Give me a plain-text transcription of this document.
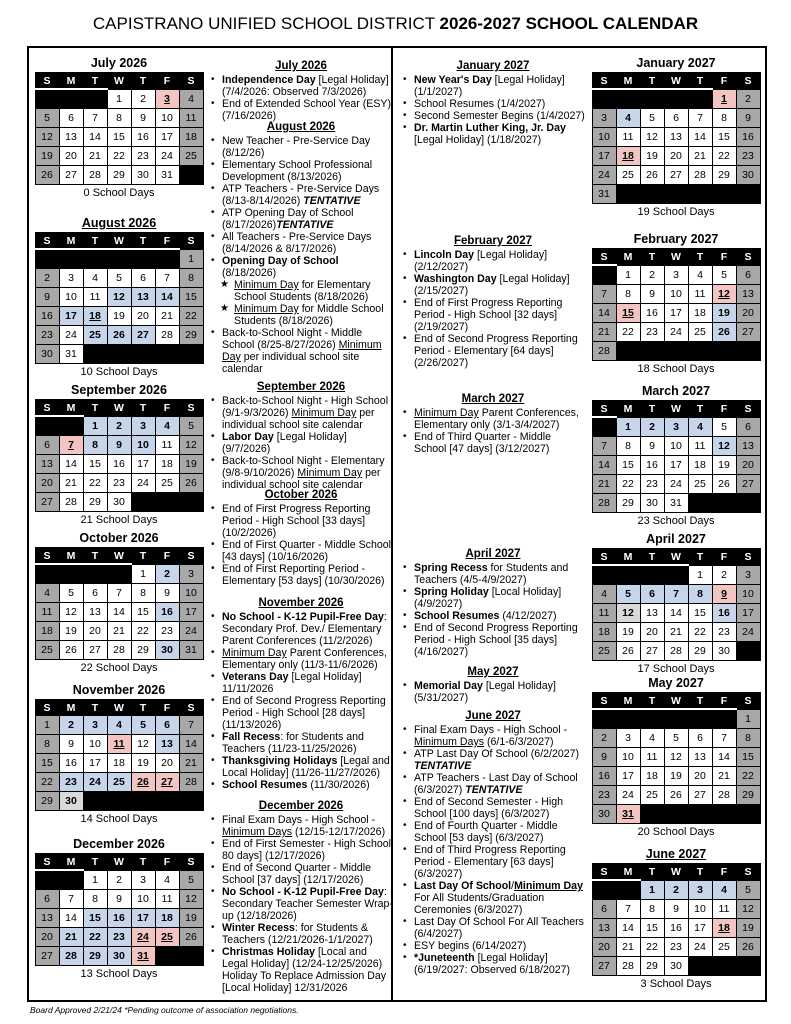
CAPISTRANO UNIFIED SCHOOL DISTRICT 2026-2027 SCHOOL CALENDAR
July 2026
• Independence Day [Legal Holiday] (7/4/2026: Observed 7/3/2026)
• End of Extended School Year (ESY) (7/16/2026)
August 2026
• New Teacher - Pre-Service Day (8/12/26)
• Elementary School Professional Development (8/13/2026)
• ATP Teachers - Pre-Service Days (8/13-8/14/2026) TENTATIVE
• ATP Opening Day of School (8/17/2026)TENTATIVE
• All Teachers - Pre-Service Days (8/14/2026 & 8/17/2026)
• Opening Day of School (8/18/2026)
★ Minimum Day for Elementary School Students (8/18/2026)
★ Minimum Day for Middle School Students (8/18/2026)
• Back-to-School Night - Middle School (8/25-8/27/2026) Minimum Day per individual school site calendar
September 2026
• Back-to-School Night - High School (9/1-9/3/2026) Minimum Day per individual school site calendar
• Labor Day [Legal Holiday] (9/7/2026)
• Back-to-School Night - Elementary (9/8-9/10/2026) Minimum Day per individual school site calendar
October 2026
• End of First Progress Reporting Period - High School [33 days] (10/2/2026)
• End of First Quarter - Middle School [43 days] (10/16/2026)
• End of First Reporting Period - Elementary [53 days] (10/30/2026)
November 2026
• No School - K-12 Pupil-Free Day: Secondary Prof. Dev./ Elementary Parent Conferences (11/2/2026)
• Minimum Day Parent Conferences, Elementary only (11/3-11/6/2026)
• Veterans Day [Legal Holiday] 11/11/2026
• End of Second Progress Reporting Period - High School [28 days] (11/13/2026)
• Fall Recess: for Students and Teachers (11/23-11/25/2026)
• Thanksgiving Holidays [Legal and Local Holiday] (11/26-11/27/2026)
• School Resumes (11/30/2026)
December 2026
• Final Exam Days - High School - Minimum Days (12/15-12/17/2026)
• End of First Semester - High School 80 days] (12/17/2026)
• End of Second Quarter - Middle School [37 days] (12/17/2026)
• No School - K-12 Pupil-Free Day: Secondary Teacher Semester Wrap-up (12/18/2026)
• Winter Recess: for Students & Teachers (12/21/2026-1/1/2027)
• Christmas Holiday [Local and Legal Holiday] (12/24-12/25/2026) Holiday To Replace Admission Day [Local Holiday] 12/31/2026
January 2027
• New Year's Day [Legal Holiday] (1/1/2027)
• School Resumes (1/4/2027)
• Second Semester Begins (1/4/2027)
• Dr. Martin Luther King, Jr. Day [Legal Holiday] (1/18/2027)
February 2027
• Lincoln Day [Legal Holiday] (2/12/2027)
• Washington Day [Legal Holiday] (2/15/2027)
• End of First Progress Reporting Period - High School [32 days] (2/19/2027)
• End of Second Progress Reporting Period - Elementary [64 days] (2/26/2027)
March 2027
• Minimum Day Parent Conferences, Elementary only (3/1-3/4/2027)
• End of Third Quarter - Middle School [47 days] (3/12/2027)
April 2027
• Spring Recess for Students and Teachers (4/5-4/9/2027)
• Spring Holiday [Local Holiday] (4/9/2027)
• School Resumes (4/12/2027)
• End of Second Progress Reporting Period - High School [35 days] (4/16/2027)
May 2027
• Memorial Day [Legal Holiday] (5/31/2027)
June 2027
• Final Exam Days - High School - Minimum Days (6/1-6/3/2027)
• ATP Last Day Of School (6/2/2027) TENTATIVE
• ATP Teachers - Last Day of School (6/3/2027) TENTATIVE
• End of Second Semester - High School [100 days] (6/3/2027)
• End of Fourth Quarter - Middle School [53 days] (6/3/2027)
• End of Third Progress Reporting Period - Elementary [63 days] (6/3/2027)
• Last Day Of School/Minimum Day For All Students/Graduation Ceremonies (6/3/2027)
• Last Day Of School For All Teachers (6/4/2027)
• ESY begins (6/14/2027)
• *Juneteenth [Legal Holiday] (6/19/2027: Observed 6/18/2027)
July 2026
S	M	T	W	T	F	S
			1	2	3	4
5	6	7	8	9	10	11
12	13	14	15	16	17	18
19	20	21	22	23	24	25
26	27	28	29	30	31	
0 School Days
August 2026
S	M	T	W	T	F	S
						1
2	3	4	5	6	7	8
9	10	11	12	13	14	15
16	17	18	19	20	21	22
23	24	25	26	27	28	29
30	31					
10 School Days
September 2026
S	M	T	W	T	F	S
		1	2	3	4	5
6	7	8	9	10	11	12
13	14	15	16	17	18	19
20	21	22	23	24	25	26
27	28	29	30			
21 School Days
October 2026
S	M	T	W	T	F	S
				1	2	3
4	5	6	7	8	9	10
11	12	13	14	15	16	17
18	19	20	21	22	23	24
25	26	27	28	29	30	31
22 School Days
November 2026
S	M	T	W	T	F	S
1	2	3	4	5	6	7
8	9	10	11	12	13	14
15	16	17	18	19	20	21
22	23	24	25	26	27	28
29	30					
14 School Days
December 2026
S	M	T	W	T	F	S
		1	2	3	4	5
6	7	8	9	10	11	12
13	14	15	16	17	18	19
20	21	22	23	24	25	26
27	28	29	30	31		
13 School Days
January 2027
S	M	T	W	T	F	S
					1	2
3	4	5	6	7	8	9
10	11	12	13	14	15	16
17	18	19	20	21	22	23
24	25	26	27	28	29	30
31						
19 School Days
February 2027
S	M	T	W	T	F	S
	1	2	3	4	5	6
7	8	9	10	11	12	13
14	15	16	17	18	19	20
21	22	23	24	25	26	27
28						
18 School Days
March 2027
S	M	T	W	T	F	S
	1	2	3	4	5	6
7	8	9	10	11	12	13
14	15	16	17	18	19	20
21	22	23	24	25	26	27
28	29	30	31			
23 School Days
April 2027
S	M	T	W	T	F	S
				1	2	3
4	5	6	7	8	9	10
11	12	13	14	15	16	17
18	19	20	21	22	23	24
25	26	27	28	29	30	
17 School Days
May 2027
S	M	T	W	T	F	S
						1
2	3	4	5	6	7	8
9	10	11	12	13	14	15
16	17	18	19	20	21	22
23	24	25	26	27	28	29
30	31					
20 School Days
June 2027
S	M	T	W	T	F	S
		1	2	3	4	5
6	7	8	9	10	11	12
13	14	15	16	17	18	19
20	21	22	23	24	25	26
27	28	29	30			
3 School Days
Board Approved 2/21/24 *Pending outcome of association negotiations.
